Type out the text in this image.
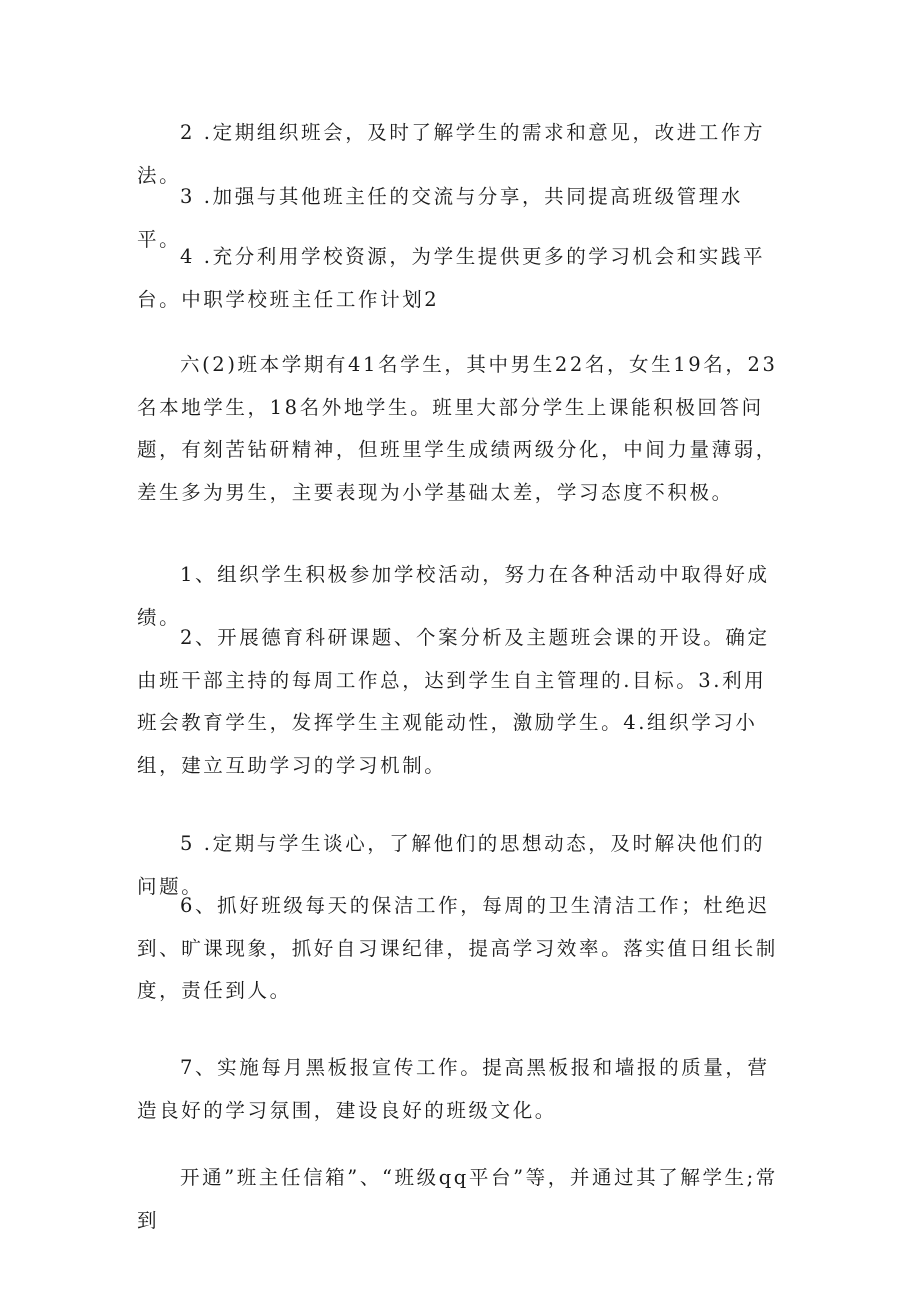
2 .定期组织班会，及时了解学生的需求和意见，改进工作方法。

3 .加强与其他班主任的交流与分享，共同提高班级管理水平。

4 .充分利用学校资源，为学生提供更多的学习机会和实践平台。中职学校班主任工作计划2

六(2)班本学期有41名学生，其中男生22名，女生19名，23名本地学生，18名外地学生。班里大部分学生上课能积极回答问题，有刻苦钻研精神，但班里学生成绩两级分化，中间力量薄弱，差生多为男生，主要表现为小学基础太差，学习态度不积极。

1、组织学生积极参加学校活动，努力在各种活动中取得好成绩。

2、开展德育科研课题、个案分析及主题班会课的开设。确定由班干部主持的每周工作总，达到学生自主管理的.目标。3.利用班会教育学生，发挥学生主观能动性，激励学生。4.组织学习小组，建立互助学习的学习机制。

5 .定期与学生谈心，了解他们的思想动态，及时解决他们的问题。

6、抓好班级每天的保洁工作，每周的卫生清洁工作；杜绝迟到、旷课现象，抓好自习课纪律，提高学习效率。落实值日组长制度，责任到人。

7、实施每月黑板报宣传工作。提高黑板报和墙报的质量，营造良好的学习氛围，建设良好的班级文化。

开通”班主任信箱”、“班级qq平台”等，并通过其了解学生;常到
